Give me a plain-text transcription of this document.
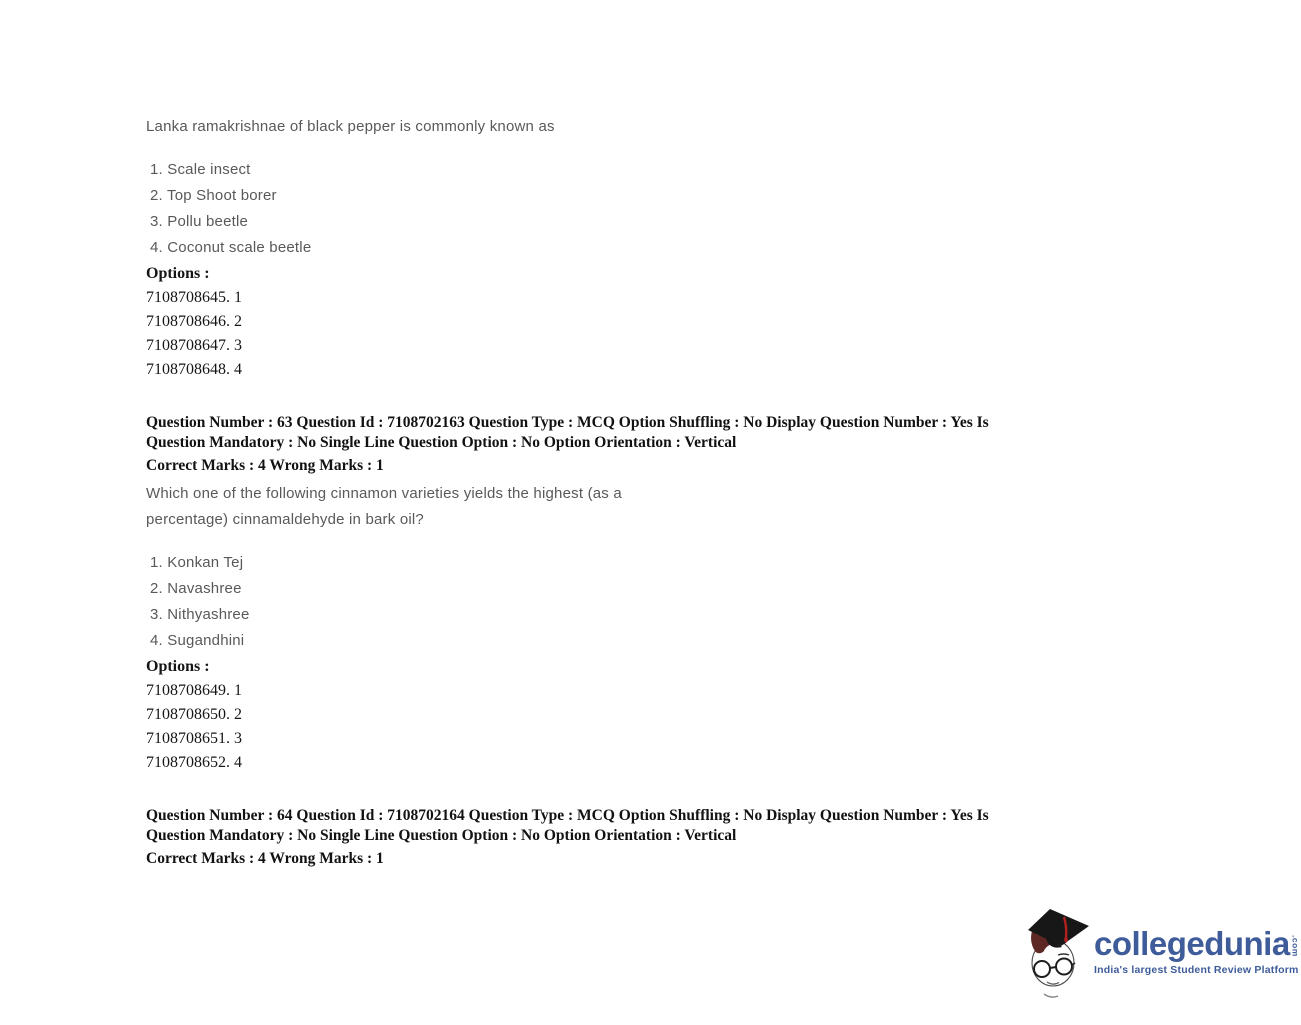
Lanka ramakrishnae of black pepper is commonly known as
1. Scale insect
2. Top Shoot borer
3. Pollu beetle
4. Coconut scale beetle
Options :
7108708645. 1
7108708646. 2
7108708647. 3
7108708648. 4
Question Number : 63 Question Id : 7108702163 Question Type : MCQ Option Shuffling : No Display Question Number : Yes Is
Question Mandatory : No Single Line Question Option : No Option Orientation : Vertical
Correct Marks : 4 Wrong Marks : 1
Which one of the following cinnamon varieties yields the highest (as a
percentage) cinnamaldehyde in bark oil?
1. Konkan Tej
2. Navashree
3. Nithyashree
4. Sugandhini
Options :
7108708649. 1
7108708650. 2
7108708651. 3
7108708652. 4
Question Number : 64 Question Id : 7108702164 Question Type : MCQ Option Shuffling : No Display Question Number : Yes Is
Question Mandatory : No Single Line Question Option : No Option Orientation : Vertical
Correct Marks : 4 Wrong Marks : 1
collegedunia .com
India's largest Student Review Platform
